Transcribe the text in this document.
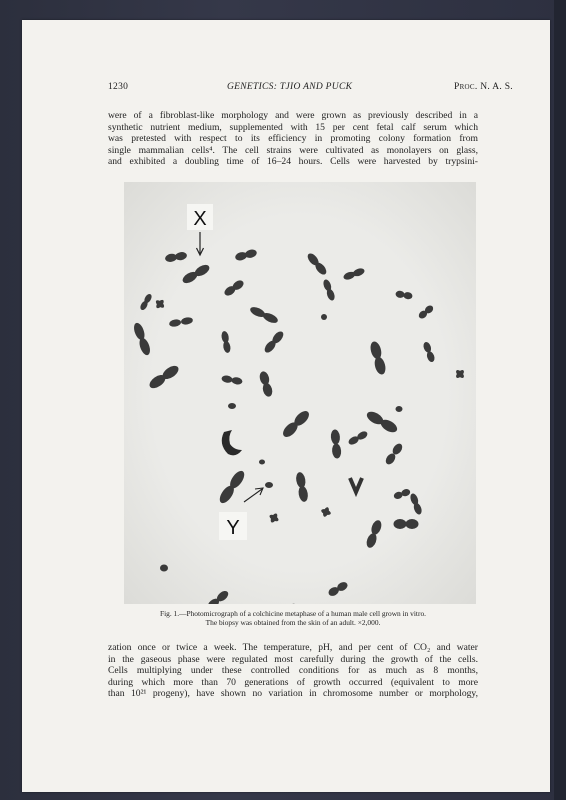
1230	GENETICS: TJIO AND PUCK	Proc. N. A. S.
were of a fibroblast-like morphology and were grown as previously described in a
synthetic nutrient medium, supplemented with 15 per cent fetal calf serum which
was pretested with respect to its efficiency in promoting colony formation from
single mammalian cells⁴. The cell strains were cultivated as monolayers on glass,
and exhibited a doubling time of 16–24 hours. Cells were harvested by trypsini-
X
Y
Fig. 1.—Photomicrograph of a colchicine metaphase of a human male cell grown in vitro.
The biopsy was obtained from the skin of an adult. ×2,000.
zation once or twice a week. The temperature, pH, and per cent of CO₂ and water
in the gaseous phase were regulated most carefully during the growth of the cells.
Cells multiplying under these controlled conditions for as much as 8 months,
during which more than 70 generations of growth occurred (equivalent to more
than 10²¹ progeny), have shown no variation in chromosome number or morphology,
